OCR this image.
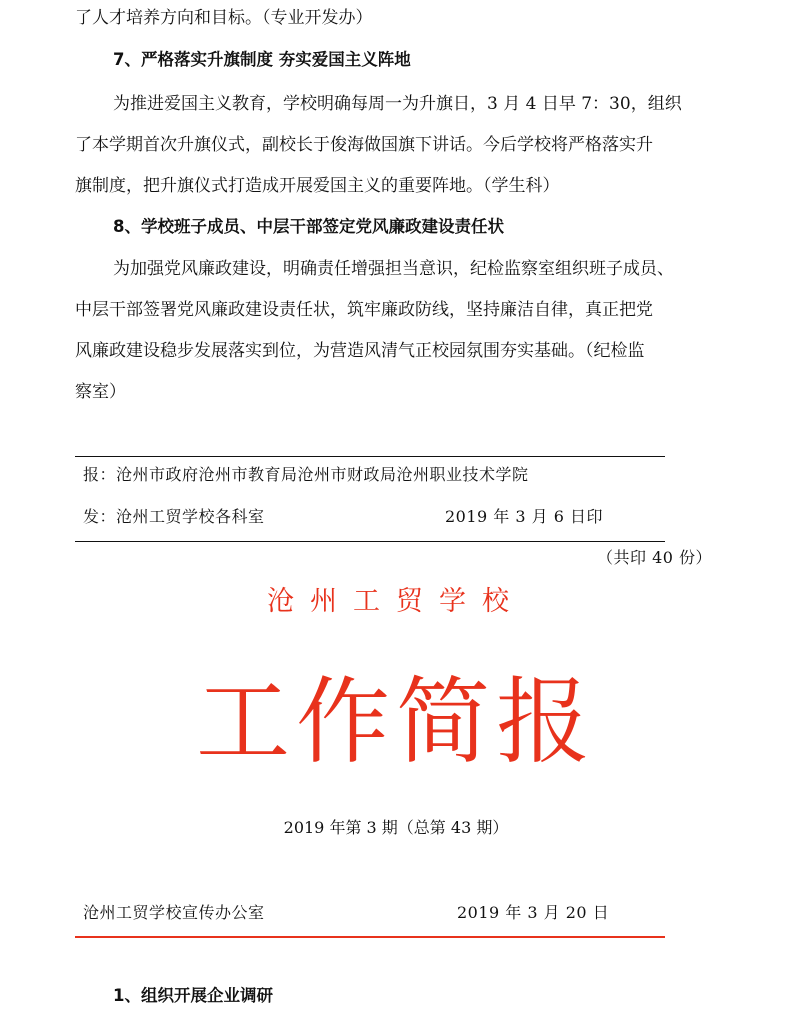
了人才培养方向和目标。（专业开发办）
7、严格落实升旗制度 夯实爱国主义阵地
为推进爱国主义教育，学校明确每周一为升旗日，3 月 4 日早 7：30，组织
了本学期首次升旗仪式，副校长于俊海做国旗下讲话。今后学校将严格落实升
旗制度，把升旗仪式打造成开展爱国主义的重要阵地。（学生科）
8、学校班子成员、中层干部签定党风廉政建设责任状
为加强党风廉政建设，明确责任增强担当意识，纪检监察室组织班子成员、
中层干部签署党风廉政建设责任状，筑牢廉政防线，坚持廉洁自律，真正把党
风廉政建设稳步发展落实到位，为营造风清气正校园氛围夯实基础。（纪检监
察室）
报：沧州市政府沧州市教育局沧州市财政局沧州职业技术学院
发：沧州工贸学校各科室	2019 年 3 月 6 日印
（共印 40 份）
沧州工贸学校
工作简报
2019 年第 3 期（总第 43 期）
沧州工贸学校宣传办公室	2019 年 3 月 20 日
1、组织开展企业调研
